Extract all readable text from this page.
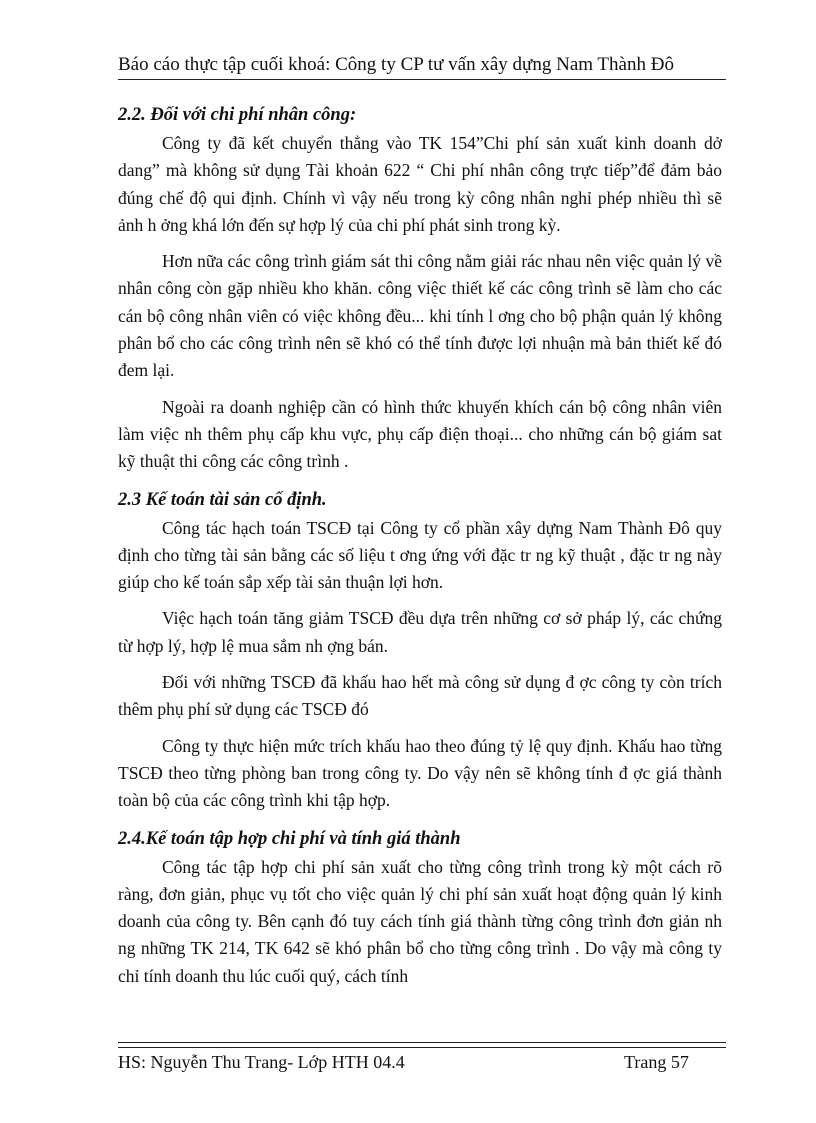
Báo cáo thực tập cuối khoá: Công ty CP tư vấn xây dựng Nam Thành Đô
2.2. Đối với chi phí nhân công:

Công ty đã kết chuyển thẳng vào TK 154”Chi phí sản xuất kinh doanh dở dang” mà không sử dụng Tài khoản 622 “ Chi phí nhân công trực tiếp”để đảm bảo đúng chế độ qui định. Chính vì vậy nếu trong kỳ công nhân nghỉ phép nhiều thì sẽ ảnh h ởng khá lớn đến sự hợp lý của chi phí phát sinh trong kỳ.

Hơn nữa các công trình giám sát thi công nằm giải rác nhau nên việc quản lý về nhân công còn gặp nhiều kho khăn. công việc thiết kế các công trình sẽ làm cho các cán bộ công nhân viên có việc không đều... khi tính l ơng cho bộ phận quản lý không phân bổ cho các công trình nên sẽ khó có thể tính được lợi nhuận mà bản thiết kế đó đem lại.

Ngoài ra doanh nghiệp cần có hình thức khuyến khích cán bộ công nhân viên làm việc nh thêm phụ cấp khu vực, phụ cấp điện thoại... cho những cán bộ giám sat kỹ thuật thi công các công trình .

2.3 Kế toán tài sản cố định.

Công tác hạch toán TSCĐ tại Công ty cổ phần xây dựng Nam Thành Đô quy định cho từng tài sản bằng các số liệu t ơng ứng với đặc tr ng kỹ thuật , đặc tr ng này giúp cho kế toán sắp xếp tài sản thuận lợi hơn.

Việc hạch toán tăng giảm TSCĐ đều dựa trên những cơ sở pháp lý, các chứng từ hợp lý, hợp lệ mua sắm nh ợng bán.

Đối với những TSCĐ đã khấu hao hết mà công sử dụng đ ợc công ty còn trích thêm phụ phí sử dụng các TSCĐ đó

Công ty thực hiện mức trích khấu hao theo đúng tỷ lệ quy định. Khấu hao từng TSCĐ theo từng phòng ban trong công ty. Do vậy nên sẽ không tính đ ợc giá thành toàn bộ của các công trình khi tập hợp.

2.4.Kế toán tập hợp chi phí và tính giá thành

Công tác tập hợp chi phí sản xuất cho từng công trình trong kỳ một cách rõ ràng, đơn giản, phục vụ tốt cho việc quản lý chi phí sản xuất hoạt động quản lý kinh doanh của công ty. Bên cạnh đó tuy cách tính giá thành từng công trình đơn giản nh ng những TK 214, TK 642 sẽ khó phân bổ cho từng công trình . Do vậy mà công ty chỉ tính doanh thu lúc cuối quý, cách tính

HS: Nguyễn Thu Trang- Lớp HTH 04.4	Trang 57
